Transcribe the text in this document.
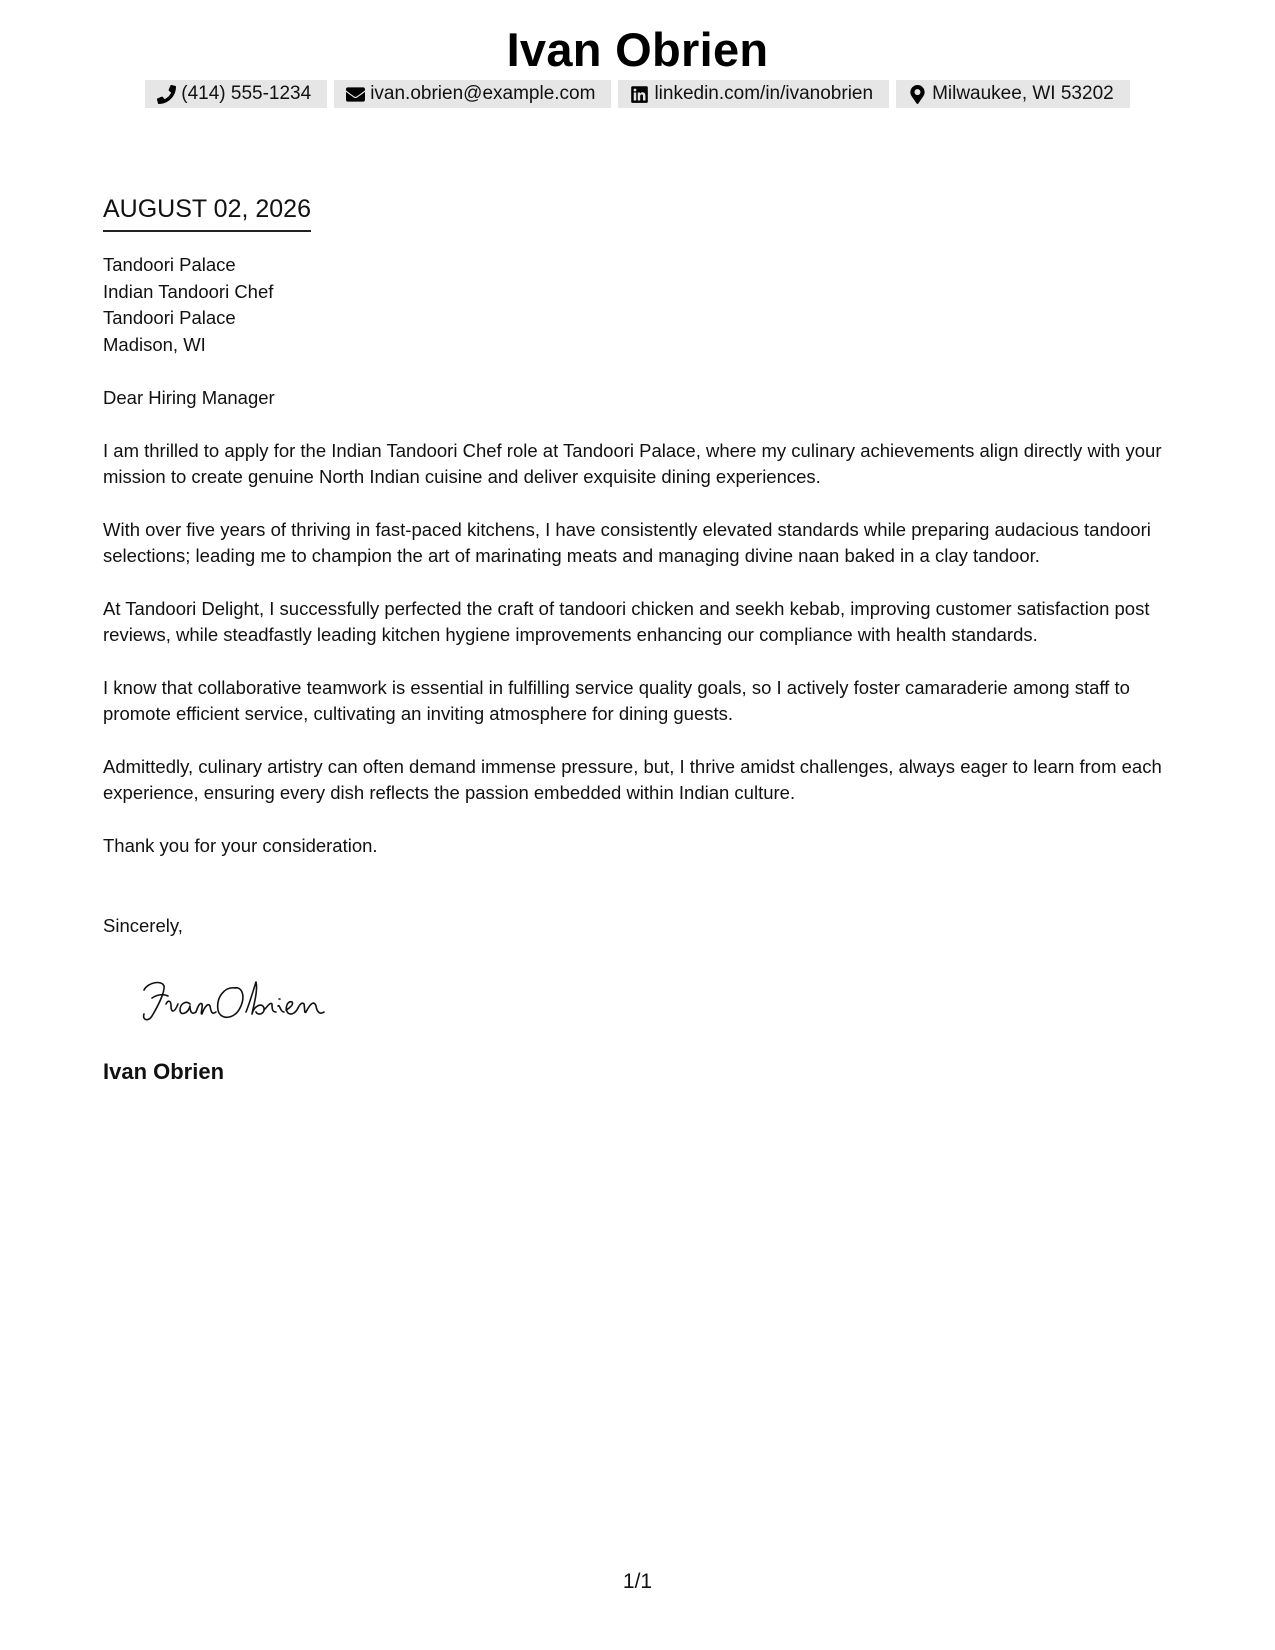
Ivan Obrien
(414) 555-1234	ivan.obrien@example.com	linkedin.com/in/ivanobrien	Milwaukee, WI 53202
AUGUST 02, 2026
Tandoori Palace
Indian Tandoori Chef
Tandoori Palace
Madison, WI

Dear Hiring Manager

I am thrilled to apply for the Indian Tandoori Chef role at Tandoori Palace, where my culinary achievements align directly with your mission to create genuine North Indian cuisine and deliver exquisite dining experiences.

With over five years of thriving in fast-paced kitchens, I have consistently elevated standards while preparing audacious tandoori selections; leading me to champion the art of marinating meats and managing divine naan baked in a clay tandoor.

At Tandoori Delight, I successfully perfected the craft of tandoori chicken and seekh kebab, improving customer satisfaction post reviews, while steadfastly leading kitchen hygiene improvements enhancing our compliance with health standards.

I know that collaborative teamwork is essential in fulfilling service quality goals, so I actively foster camaraderie among staff to promote efficient service, cultivating an inviting atmosphere for dining guests.

Admittedly, culinary artistry can often demand immense pressure, but, I thrive amidst challenges, always eager to learn from each experience, ensuring every dish reflects the passion embedded within Indian culture.

Thank you for your consideration.

Sincerely,
Ivan Obrien
1/1
